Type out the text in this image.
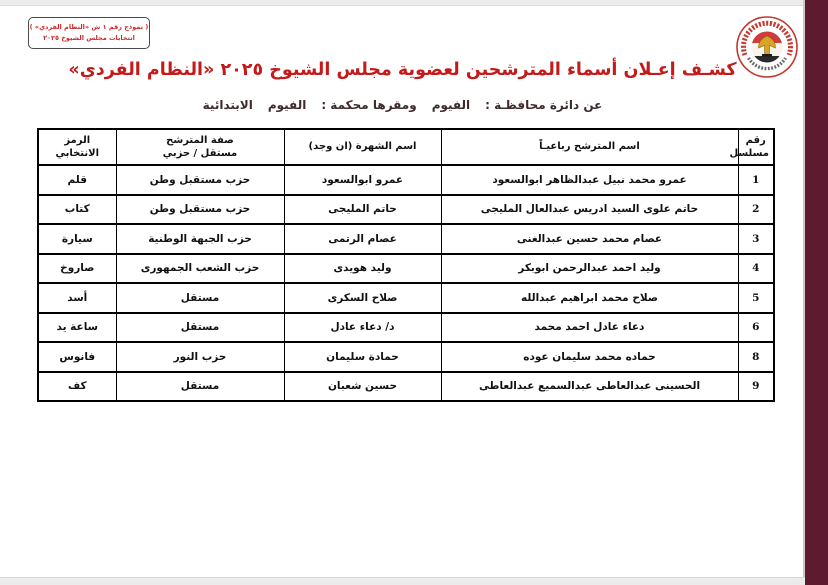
( نموذج رقم ١ ش «النظام الفردي» )
انتخابات مجلس الشيوخ ٢٠٢٥
كشـف إعـلان أسماء المترشحين لعضوية مجلس الشيوخ ٢٠٢٥ «النظام الفردي»
عن دائرة محافظـة :
الفيوم
ومقرها محكمة :
الفيوم
الابتدائية
رقم
مسلسل	اسم المترشح رباعيـاً	اسم الشهرة (ان وجد)	صفة المترشح
مستقل / حزبي	الرمز
الانتخابي
1	عمرو محمد نبيل عبدالظاهر ابوالسعود	عمرو ابوالسعود	حزب مستقبل وطن	قلم
2	حاتم علوى السيد ادريس عبدالعال المليجى	حاتم المليجى	حزب مستقبل وطن	كتاب
3	عصام محمد حسين عبدالغنى	عصام الرتمى	حزب الجبهة الوطنية	سيارة
4	وليد احمد عبدالرحمن ابوبكر	وليد هويدى	حزب الشعب الجمهورى	صاروخ
5	صلاح محمد ابراهيم عبدالله	صلاح السكرى	مستقل	أسد
6	دعاء عادل احمد محمد	د/ دعاء عادل	مستقل	ساعة يد
8	حماده محمد سليمان عوده	حمادة سليمان	حزب النور	فانوس
9	الحسينى عبدالعاطى عبدالسميع عبدالعاطى	حسين شعبان	مستقل	كف
